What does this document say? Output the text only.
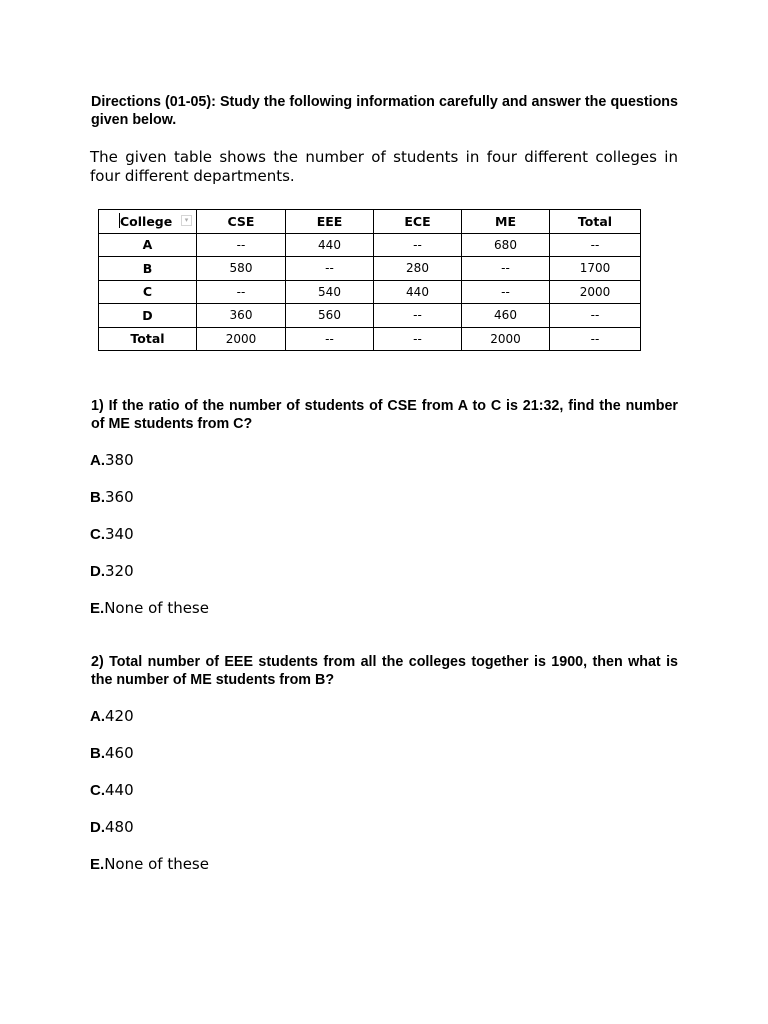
Directions (01-05): Study the following information carefully and answer the questions given below.
The given table shows the number of students in four different colleges in four different departments.
College ▾	CSE	EEE	ECE	ME	Total
A	--	440	--	680	--
B	580	--	280	--	1700
C	--	540	440	--	2000
D	360	560	--	460	--
Total	2000	--	--	2000	--
1) If the ratio of the number of students of CSE from A to C is 21:32, find the number of ME students from C?
A.380
B.360
C.340
D.320
E.None of these
2) Total number of EEE students from all the colleges together is 1900, then what is the number of ME students from B?
A.420
B.460
C.440
D.480
E.None of these
